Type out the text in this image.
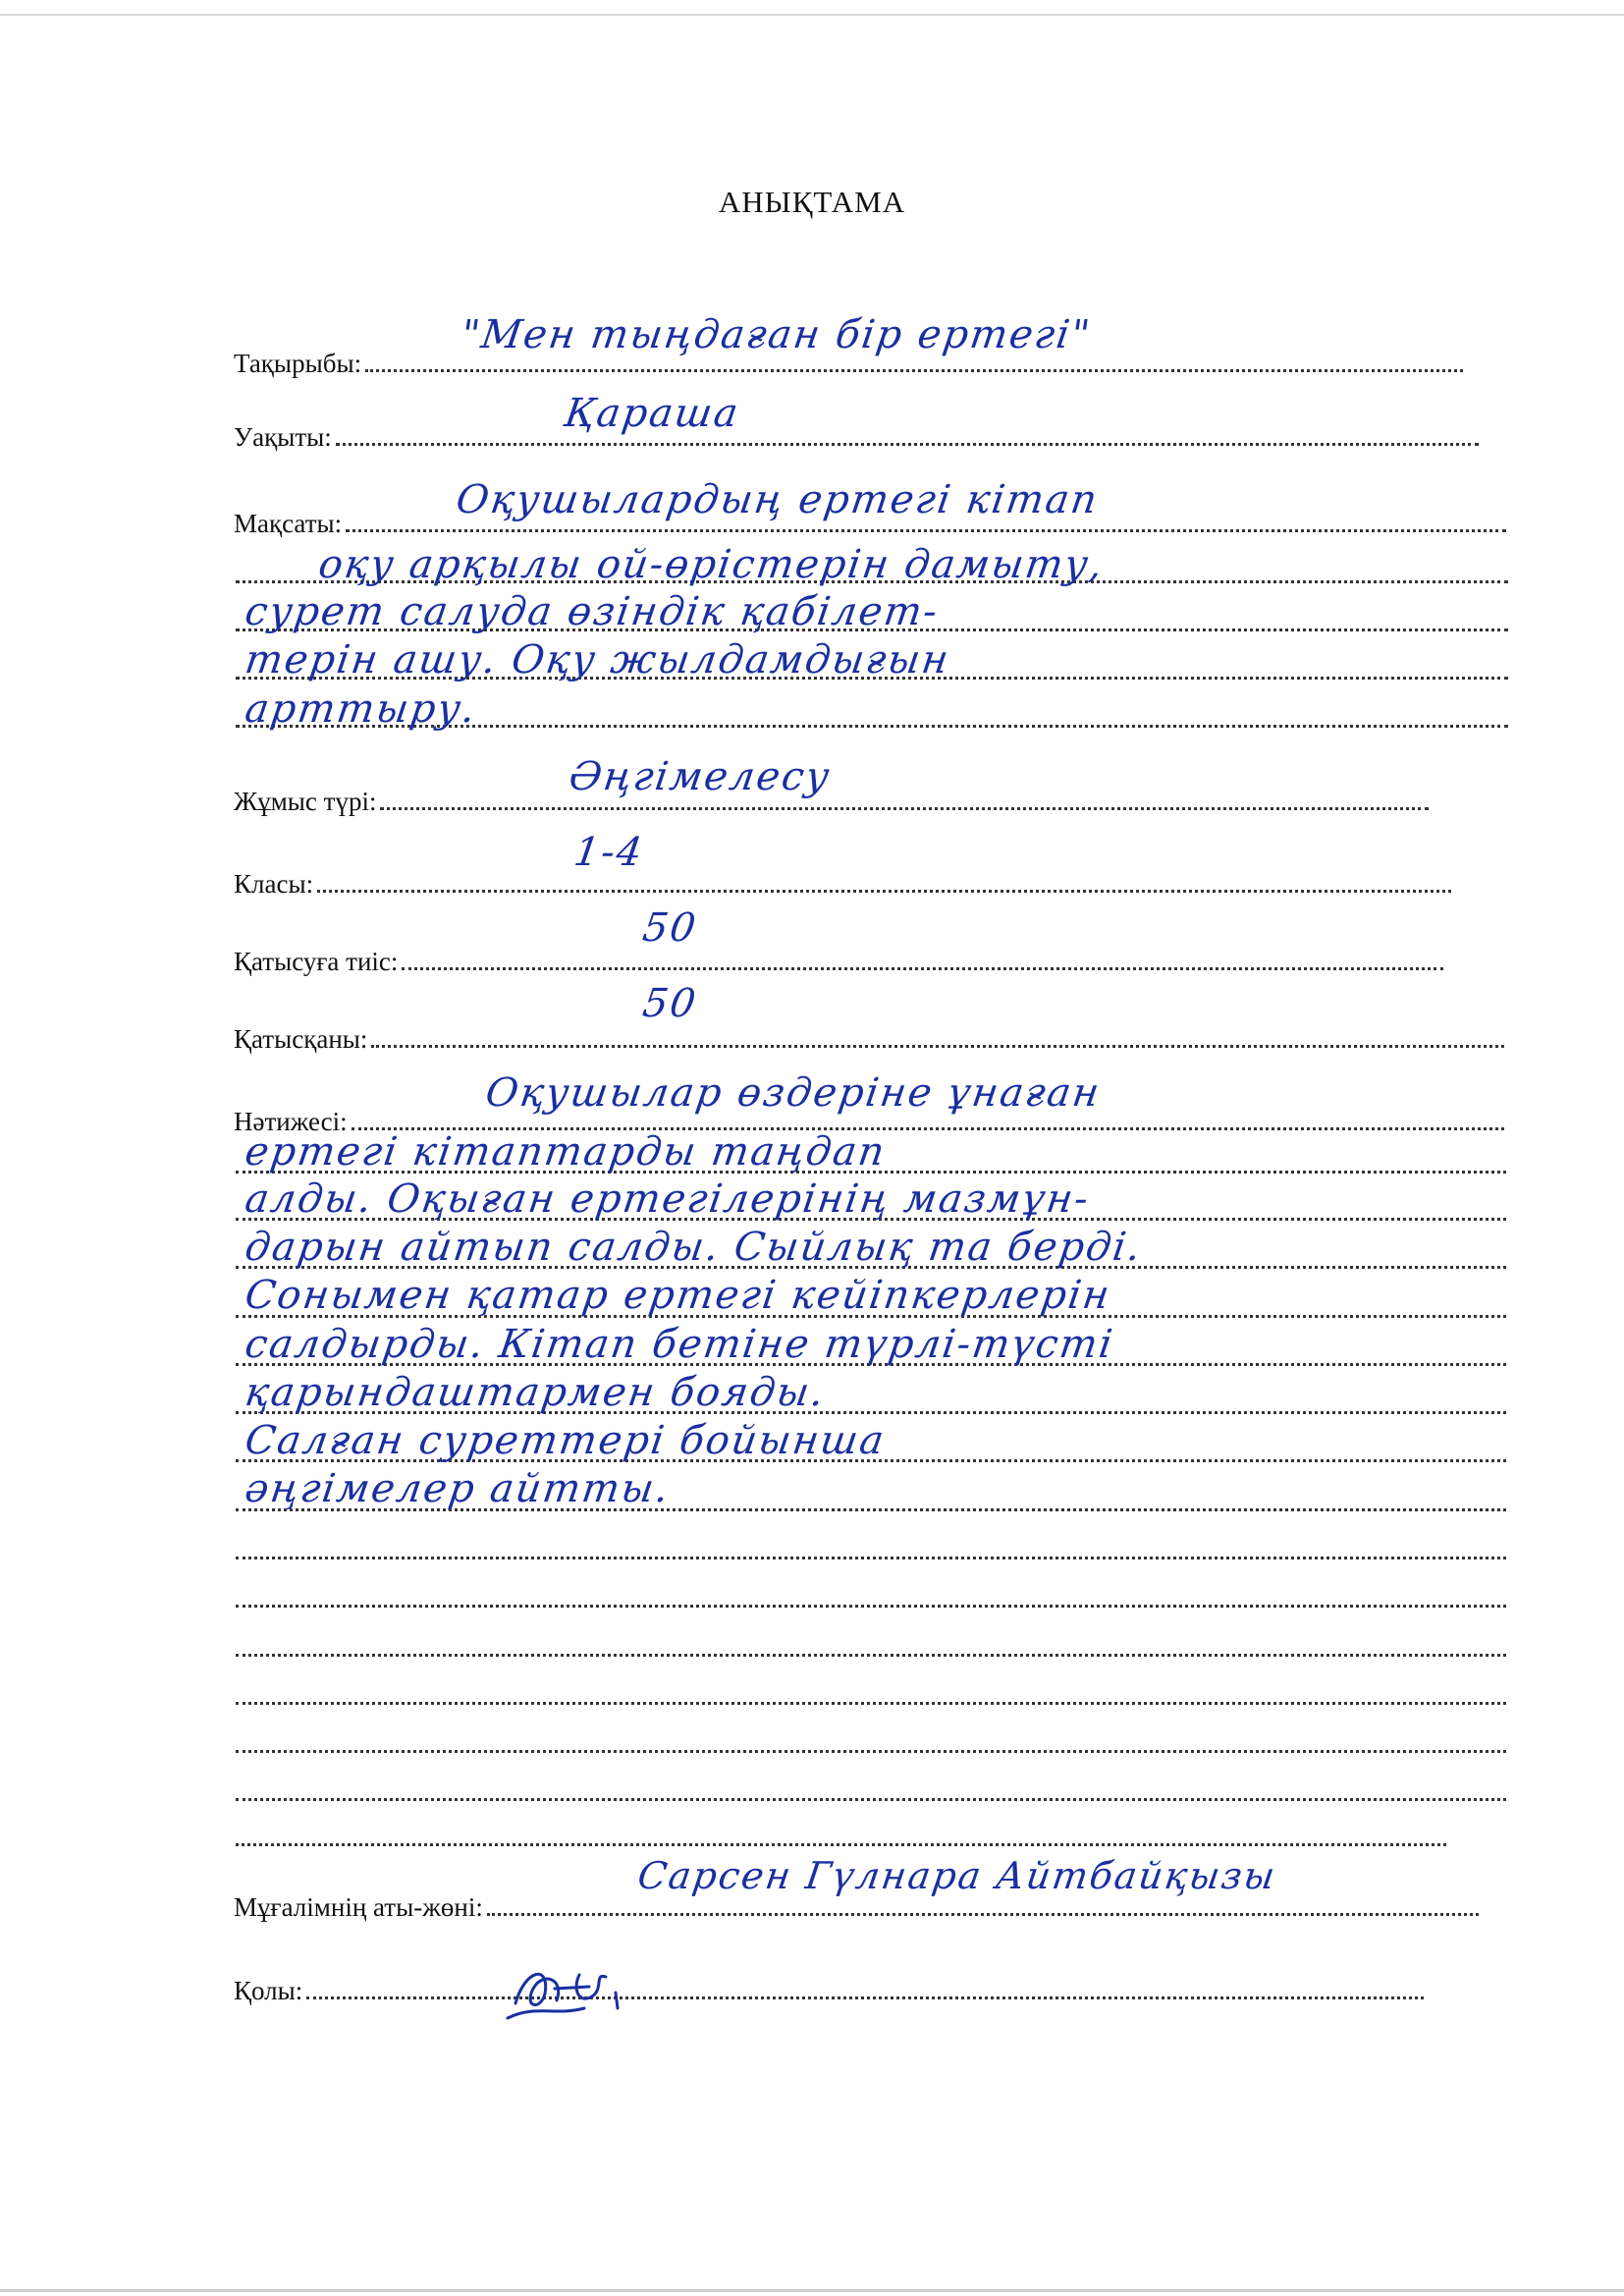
АНЫҚТАМА
Тақырыбы:
"Мен тыңдаған бір ертегі"
Уақыты:
Қараша
Мақсаты:
Оқушылардың ертегі кітап
оқу арқылы ой-өрістерін дамыту,
сурет салуда өзіндік қабілет-
терін ашу. Оқу жылдамдығын
арттыру.
Жұмыс түрі:
Әңгімелесу
Класы:
1-4
Қатысуға тиіс:
50
Қатысқаны:
50
Нәтижесі:
Оқушылар өздеріне ұнаған
ертегі кітаптарды таңдап
алды. Оқыған ертегілерінің мазмұн-
дарын айтып салды. Сыйлық та берді.
Сонымен қатар ертегі кейіпкерлерін
салдырды. Кітап бетіне түрлі-түсті
қарындаштармен бояды.
Салған суреттері бойынша
әңгімелер айтты.
Мұғалімнің аты-жөні:
Сарсен Гүлнара Айтбайқызы
Қолы:
